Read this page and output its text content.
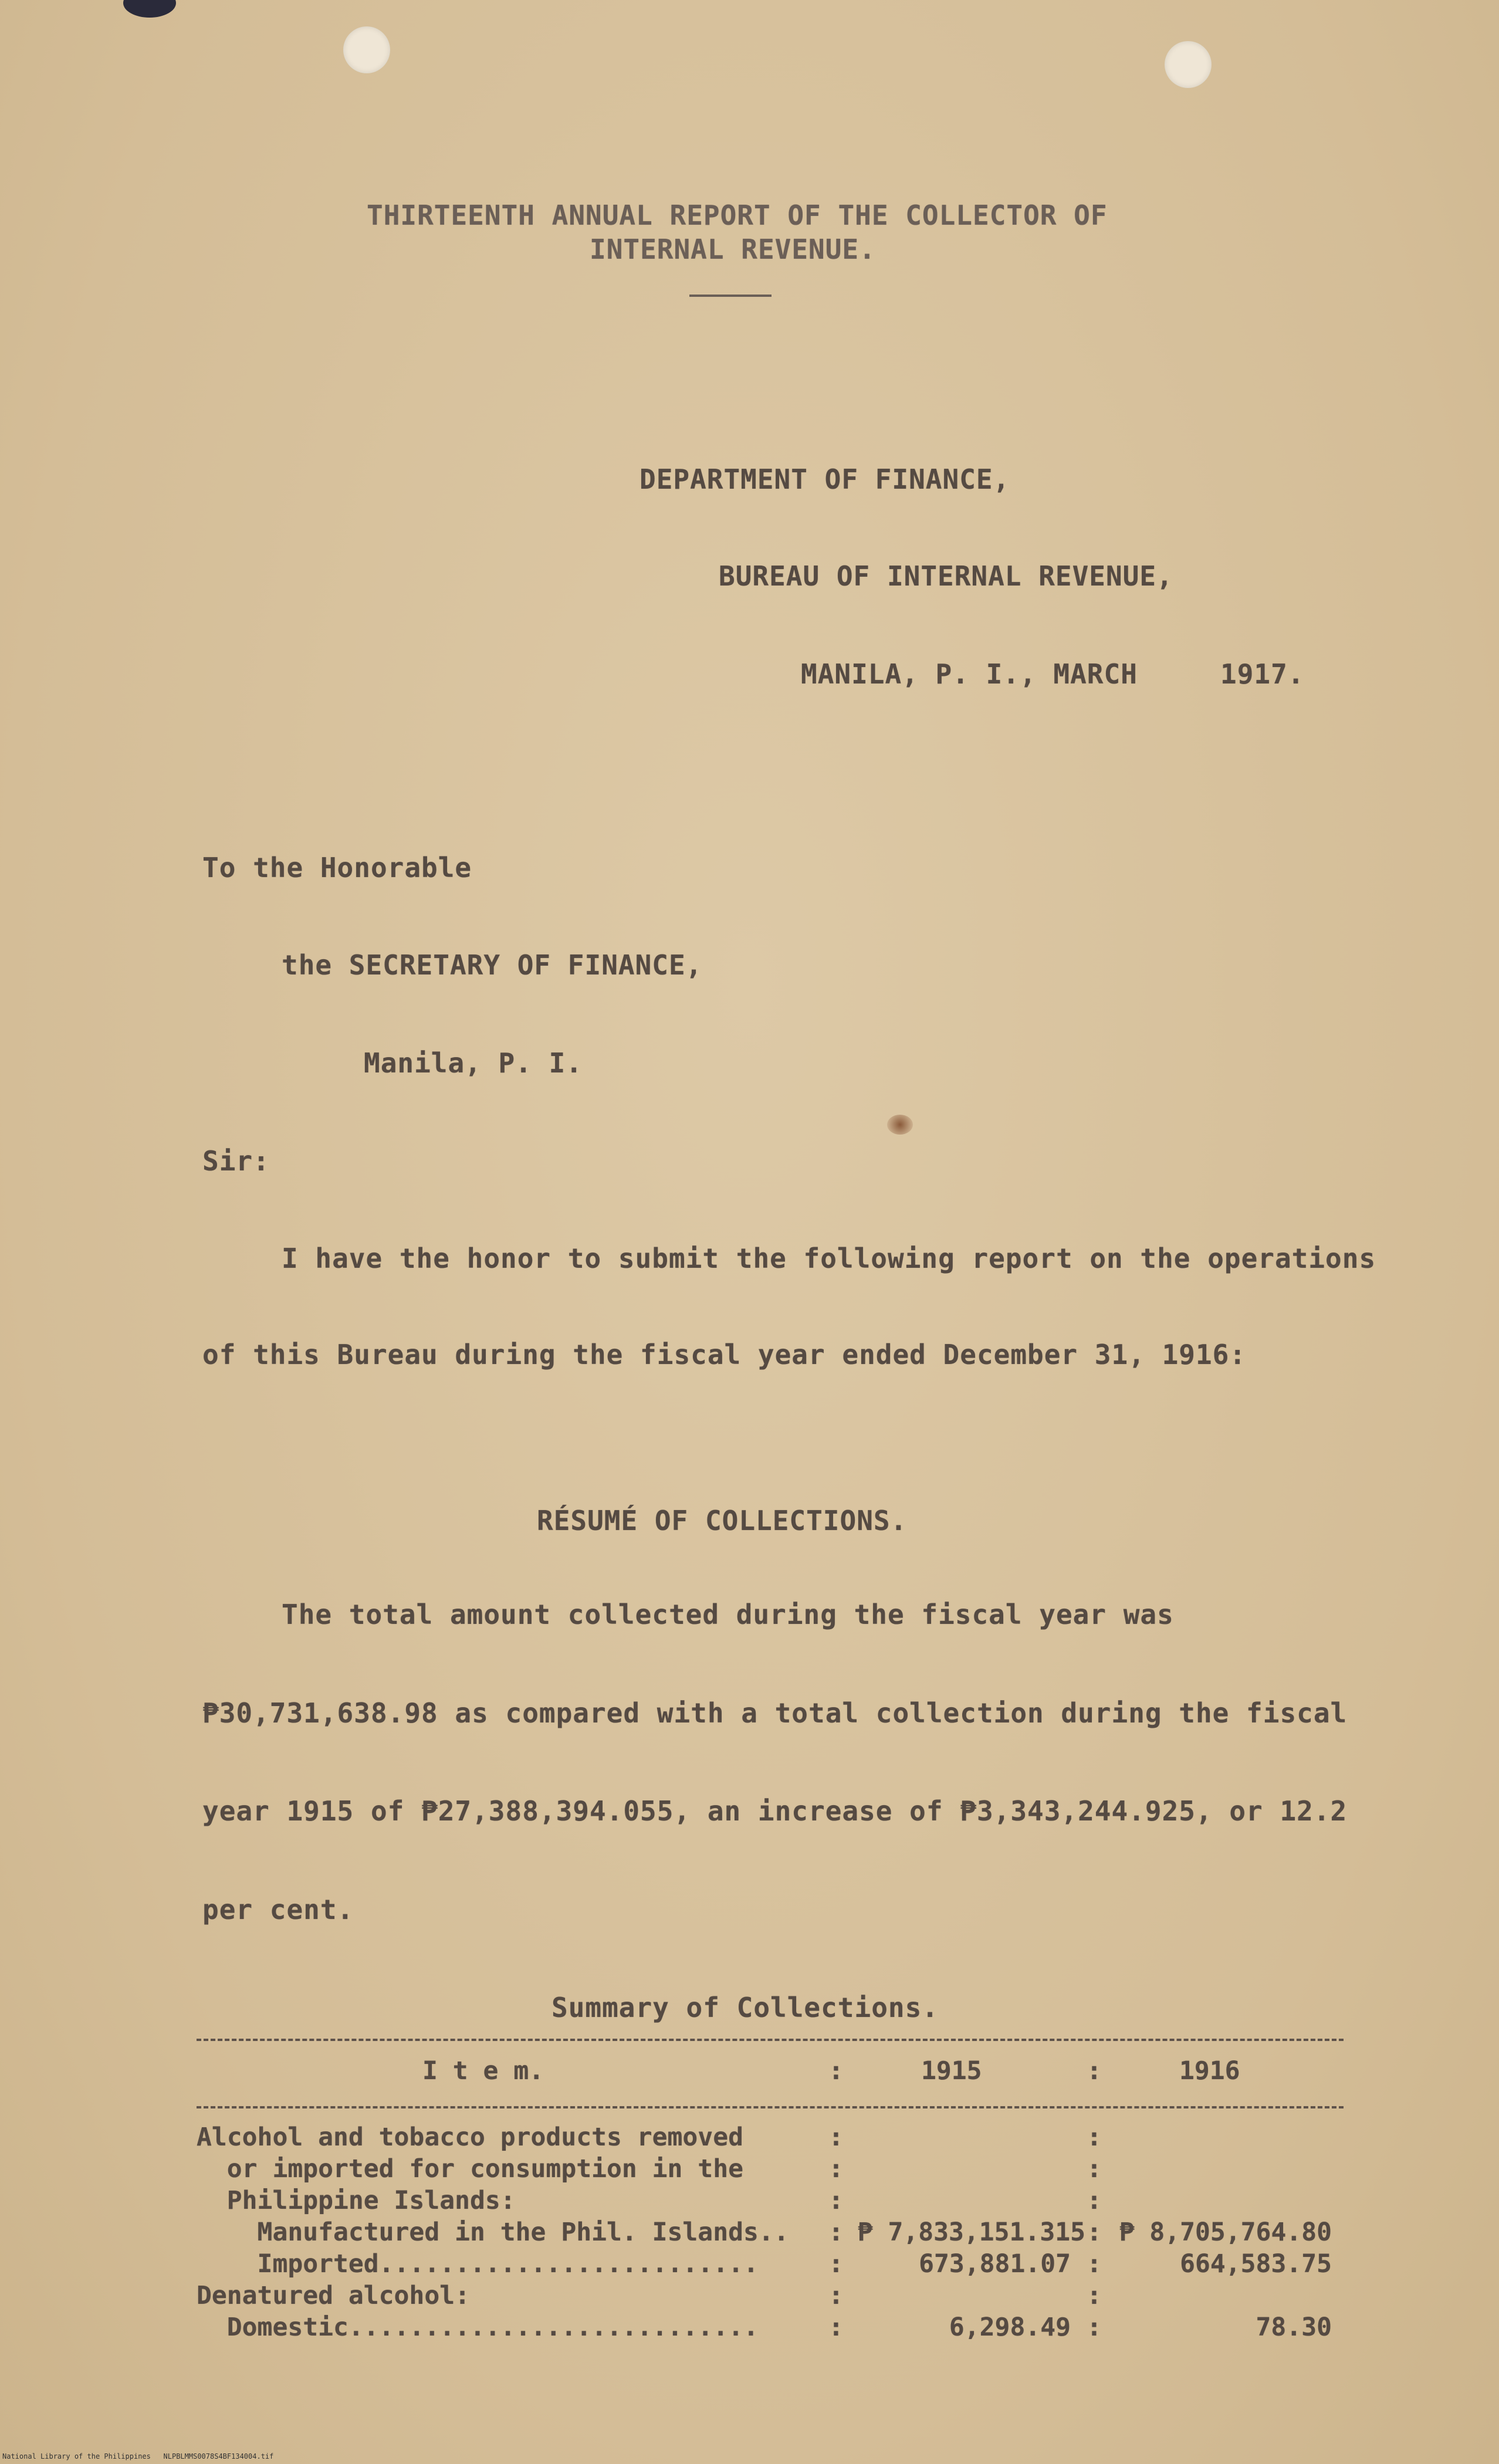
THIRTEENTH ANNUAL REPORT OF THE COLLECTOR OF

INTERNAL REVENUE.

DEPARTMENT OF FINANCE,

BUREAU OF INTERNAL REVENUE,

MANILA, P. I., MARCH	1917.

To the Honorable

the SECRETARY OF FINANCE,

Manila, P. I.

Sir:

I have the honor to submit the following report on the operations

of this Bureau during the fiscal year ended December 31, 1916:

RÉSUMÉ OF COLLECTIONS.

The total amount collected during the fiscal year was

₱30,731,638.98 as compared with a total collection during the fiscal

year 1915 of ₱27,388,394.055, an increase of ₱3,343,244.925, or 12.2

per cent.

Summary of Collections.

I t e m.	:	1915	:	1916
Alcohol and tobacco products removed	:	:
or imported for consumption in the	:	:
Philippine Islands:	:	:
Manufactured in the Phil. Islands.. : ₱ 7,833,151.315 : ₱ 8,705,764.80
Imported.........................	:	673,881.07 :	664,583.75
Denatured alcohol:	:	:
Domestic...........................	:	6,298.49 :	78.30
National Library of the Philippines   NLPBLMMS0078S4BF134004.tif
